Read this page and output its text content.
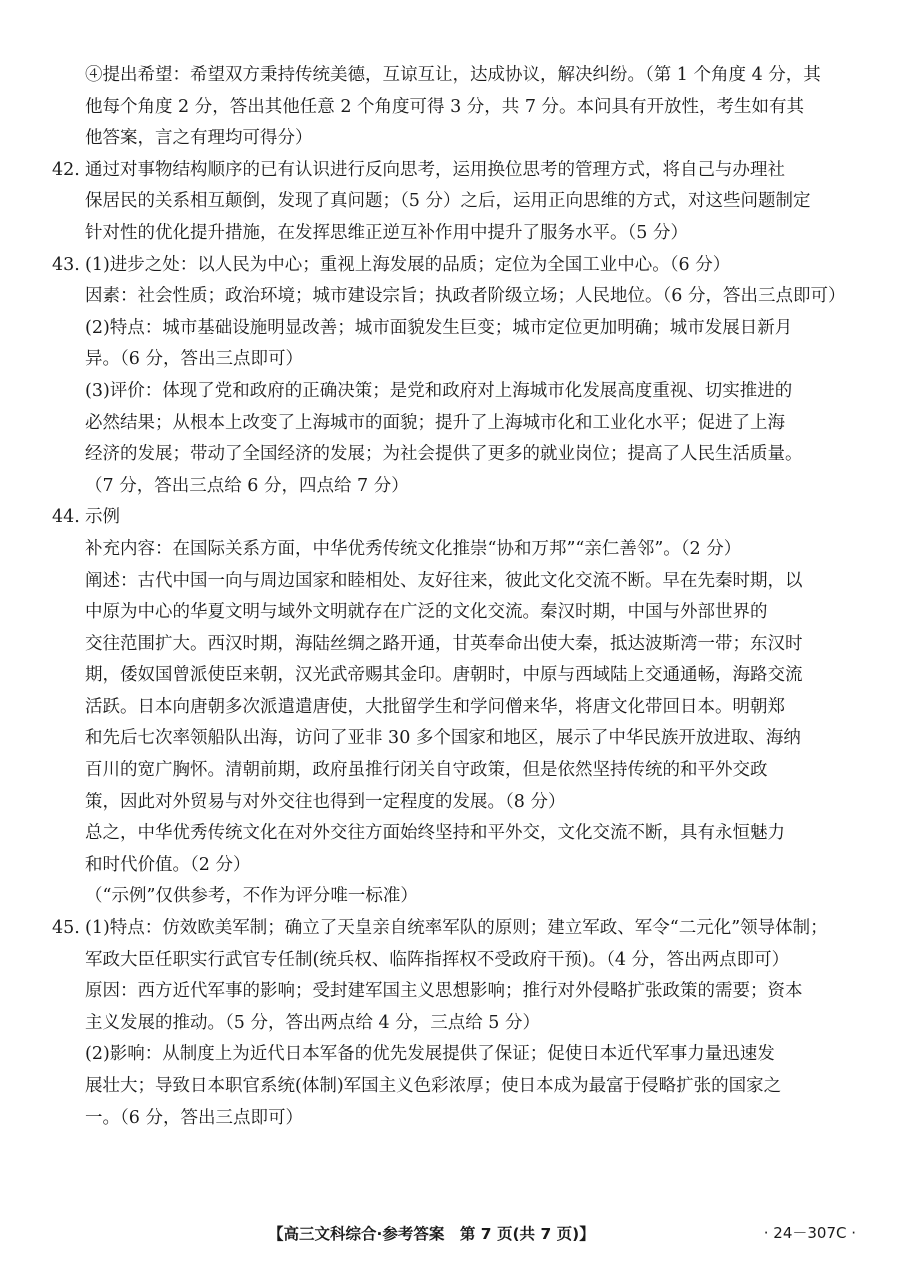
④提出希望：希望双方秉持传统美德，互谅互让，达成协议，解决纠纷。（第 1 个角度 4 分，其
他每个角度 2 分，答出其他任意 2 个角度可得 3 分，共 7 分。本问具有开放性，考生如有其
他答案，言之有理均可得分）
42. 通过对事物结构顺序的已有认识进行反向思考，运用换位思考的管理方式，将自己与办理社
保居民的关系相互颠倒，发现了真问题；（5 分）之后，运用正向思维的方式，对这些问题制定
针对性的优化提升措施，在发挥思维正逆互补作用中提升了服务水平。（5 分）
43. (1)进步之处：以人民为中心；重视上海发展的品质；定位为全国工业中心。（6 分）
因素：社会性质；政治环境；城市建设宗旨；执政者阶级立场；人民地位。（6 分，答出三点即可）
(2)特点：城市基础设施明显改善；城市面貌发生巨变；城市定位更加明确；城市发展日新月
异。（6 分，答出三点即可）
(3)评价：体现了党和政府的正确决策；是党和政府对上海城市化发展高度重视、切实推进的
必然结果；从根本上改变了上海城市的面貌；提升了上海城市化和工业化水平；促进了上海
经济的发展；带动了全国经济的发展；为社会提供了更多的就业岗位；提高了人民生活质量。
（7 分，答出三点给 6 分，四点给 7 分）
44. 示例
补充内容：在国际关系方面，中华优秀传统文化推崇“协和万邦”“亲仁善邻”。（2 分）
阐述：古代中国一向与周边国家和睦相处、友好往来，彼此文化交流不断。早在先秦时期，以
中原为中心的华夏文明与域外文明就存在广泛的文化交流。秦汉时期，中国与外部世界的
交往范围扩大。西汉时期，海陆丝绸之路开通，甘英奉命出使大秦，抵达波斯湾一带；东汉时
期，倭奴国曾派使臣来朝，汉光武帝赐其金印。唐朝时，中原与西域陆上交通通畅，海路交流
活跃。日本向唐朝多次派遣遣唐使，大批留学生和学问僧来华，将唐文化带回日本。明朝郑
和先后七次率领船队出海，访问了亚非 30 多个国家和地区，展示了中华民族开放进取、海纳
百川的宽广胸怀。清朝前期，政府虽推行闭关自守政策，但是依然坚持传统的和平外交政
策，因此对外贸易与对外交往也得到一定程度的发展。（8 分）
总之，中华优秀传统文化在对外交往方面始终坚持和平外交，文化交流不断，具有永恒魅力
和时代价值。（2 分）
（“示例”仅供参考，不作为评分唯一标准）
45. (1)特点：仿效欧美军制；确立了天皇亲自统率军队的原则；建立军政、军令“二元化”领导体制；
军政大臣任职实行武官专任制(统兵权、临阵指挥权不受政府干预)。（4 分，答出两点即可）
原因：西方近代军事的影响；受封建军国主义思想影响；推行对外侵略扩张政策的需要；资本
主义发展的推动。（5 分，答出两点给 4 分，三点给 5 分）
(2)影响：从制度上为近代日本军备的优先发展提供了保证；促使日本近代军事力量迅速发
展壮大；导致日本职官系统(体制)军国主义色彩浓厚；使日本成为最富于侵略扩张的国家之
一。（6 分，答出三点即可）
【高三文科综合·参考答案　第 7 页(共 7 页)】	· 24－307C ·
